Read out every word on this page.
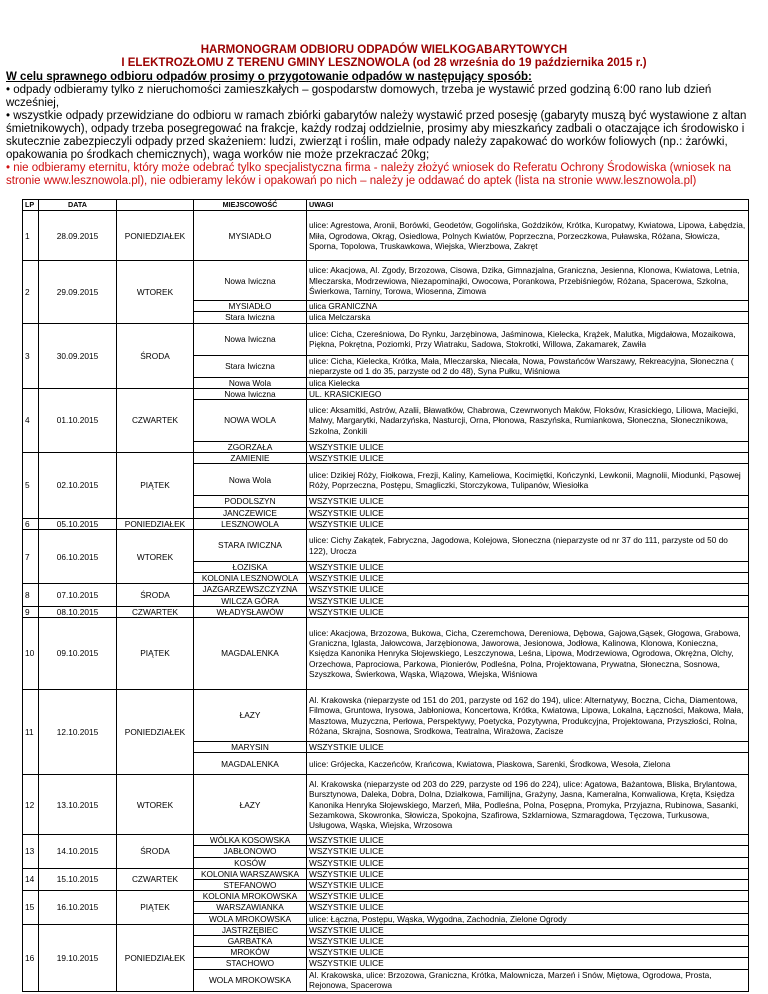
HARMONOGRAM ODBIORU ODPADÓW WIELKOGABARYTOWYCH
I ELEKTROZŁOMU Z TERENU GMINY LESZNOWOLA (od 28 września do 19 października 2015 r.)
W celu sprawnego odbioru odpadów prosimy o przygotowanie odpadów w następujący sposób:
• odpady odbieramy tylko z nieruchomości zamieszkałych – gospodarstw domowych, trzeba je wystawić przed godziną 6:00 rano lub dzień wcześniej,
• wszystkie odpady przewidziane do odbioru w ramach zbiórki gabarytów należy wystawić przed posesję (gabaryty muszą być wystawione z altan śmietnikowych), odpady trzeba posegregować na frakcje, każdy rodzaj oddzielnie, prosimy aby mieszkańcy zadbali o otaczające ich środowisko i skutecznie zabezpieczyli odpady przed skażeniem: ludzi, zwierząt i roślin, małe odpady należy zapakować do worków foliowych (np.: żarówki, opakowania po środkach chemicznych), waga worków nie może przekraczać 20kg;
• nie odbieramy eternitu, który może odebrać tylko specjalistyczna firma - należy złożyć wniosek do Referatu Ochrony Środowiska (wniosek na stronie www.lesznowola.pl), nie odbieramy leków i opakowań po nich – należy je oddawać do aptek (lista na stronie www.lesznowola.pl)
LP	DATA		MIEJSCOWOŚĆ	UWAGI
1	28.09.2015	PONIEDZIAŁEK	MYSIADŁO	ulice: Agrestowa, Aronii, Borówki, Geodetów, Gogolińska, Goździków, Krótka, Kuropatwy, Kwiatowa, Lipowa, Łabędzia, Miła, Ogrodowa, Okrąg, Osiedlowa, Polnych Kwiatów, Poprzeczna, Porzeczkowa, Puławska, Różana, Słowicza, Sporna, Topolowa, Truskawkowa, Wiejska, Wierzbowa, Zakręt
2	29.09.2015	WTOREK	Nowa Iwiczna	ulice: Akacjowa, Al. Zgody, Brzozowa, Cisowa, Dzika, Gimnazjalna, Graniczna, Jesienna, Klonowa, Kwiatowa, Letnia, Mleczarska, Modrzewiowa, Niezapominajki, Owocowa, Porankowa, Przebiśniegów, Różana, Spacerowa, Szkolna, Świerkowa, Tarniny, Torowa, Wiosenna, Zimowa
			MYSIADŁO	ulica GRANICZNA
			Stara Iwiczna	ulica Melczarska
3	30.09.2015	ŚRODA	Nowa Iwiczna	ulice: Cicha, Czereśniowa, Do Rynku, Jarzębinowa, Jaśminowa, Kielecka, Krążek, Malutka, Migdałowa, Mozaikowa, Piękna, Pokrętna, Poziomki, Przy Wiatraku, Sadowa, Stokrotki, Willowa, Zakamarek, Zawiła
			Stara Iwiczna	ulice: Cicha, Kielecka, Krótka, Mała, Mleczarska, Niecała, Nowa, Powstańców Warszawy, Rekreacyjna, Słoneczna ( nieparzyste od 1 do 35, parzyste od 2 do 48), Syna Pułku, Wiśniowa
			Nowa Wola	ulica Kielecka
4	01.10.2015	CZWARTEK	Nowa Iwiczna	UL. KRASICKIEGO
			NOWA WOLA	ulice: Aksamitki, Astrów, Azalii, Bławatków, Chabrowa, Czewrwonych Maków, Floksów, Krasickiego, Liliowa, Maciejki, Malwy, Margarytki, Nadarzyńska, Nasturcji, Orna, Płonowa, Raszyńska, Rumiankowa, Słoneczna, Słonecznikowa, Szkolna, Żonkili
			ZGORZAŁA	WSZYSTKIE ULICE
5	02.10.2015	PIĄTEK	ZAMIENIE	WSZYSTKIE ULICE
			Nowa Wola	ulice: Dzikiej Róży, Fiołkowa, Frezji, Kaliny, Kameliowa, Kocimiętki, Kończynki, Lewkonii, Magnolii, Miodunki, Pąsowej Róży, Poprzeczna, Postępu, Smagliczki, Storczykowa, Tulipanów, Wiesiołka
			PODOLSZYN	WSZYSTKIE ULICE
			JANCZEWICE	WSZYSTKIE ULICE
6	05.10.2015	PONIEDZIAŁEK	LESZNOWOLA	WSZYSTKIE ULICE
7	06.10.2015	WTOREK	STARA IWICZNA	ulice: Cichy Zakątek, Fabryczna, Jagodowa, Kolejowa, Słoneczna (nieparzyste od nr 37 do 111, parzyste od 50 do 122), Urocza
			ŁOZISKA	WSZYSTKIE ULICE
			KOLONIA LESZNOWOLA	WSZYSTKIE ULICE
8	07.10.2015	ŚRODA	JAZGARZEWSZCZYZNA	WSZYSTKIE ULICE
			WILCZA GÓRA	WSZYSTKIE ULICE
9	08.10.2015	CZWARTEK	WŁADYSŁAWÓW	WSZYSTKIE ULICE
10	09.10.2015	PIĄTEK	MAGDALENKA	ulice: Akacjowa, Brzozowa, Bukowa, Cicha, Czeremchowa, Dereniowa, Dębowa, Gajowa,Gąsek, Głogowa, Grabowa, Graniczna, Iglasta, Jałowcowa, Jarzębionowa, Jaworowa, Jesionowa, Jodłowa, Kalinowa, Klonowa, Konieczna, Księdza Kanonika Henryka Słojewskiego, Leszczynowa, Leśna, Lipowa, Modrzewiowa, Ogrodowa, Okrężna, Olchy, Orzechowa, Paprociowa, Parkowa, Pionierów, Podleśna, Polna, Projektowana, Prywatna, Słoneczna, Sosnowa, Szyszkowa, Świerkowa, Wąska, Wiązowa, Wiejska, Wiśniowa
11	12.10.2015	PONIEDZIAŁEK	ŁAZY	Al. Krakowska (nieparzyste od 151 do 201, parzyste od 162 do 194), ulice: Alternatywy, Boczna, Cicha, Diamentowa, Filmowa, Gruntowa, Irysowa, Jabłoniowa, Koncertowa, Krótka, Kwiatowa, Lipowa, Lokalna, Łączności, Makowa, Mała, Masztowa, Muzyczna, Perłowa, Perspektywy, Poetycka, Pozytywna, Produkcyjna, Projektowana, Przyszłości, Rolna, Różana, Skrajna, Sosnowa, Srodkowa, Teatralna, Wirażowa, Zacisze
			MARYSIN	WSZYSTKIE ULICE
			MAGDALENKA	ulice: Grójecka, Kaczeńców, Krańcowa, Kwiatowa, Piaskowa, Sarenki, Środkowa, Wesoła, Zielona
12	13.10.2015	WTOREK	ŁAZY	Al. Krakowska (nieparzyste od 203 do 229, parzyste od 196 do 224), ulice: Agatowa, Bażantowa, Bliska, Brylantowa, Bursztynowa, Daleka, Dobra, Dolna, Działkowa, Familijna, Grażyny, Jasna, Kameralna, Konwaliowa, Kręta, Księdza Kanonika Henryka Słojewskiego, Marzeń, Miła, Podleśna, Polna, Posępna, Promyka, Przyjazna, Rubinowa, Sasanki, Sezamkowa, Skowronka, Słowicza, Spokojna, Szafirowa, Szklarniowa, Szmaragdowa, Tęczowa, Turkusowa, Usługowa, Wąska, Wiejska, Wrzosowa
13	14.10.2015	ŚRODA	WÓLKA KOSOWSKA	WSZYSTKIE ULICE
			JABŁONOWO	WSZYSTKIE ULICE
			KOSÓW	WSZYSTKIE ULICE
14	15.10.2015	CZWARTEK	KOLONIA WARSZAWSKA	WSZYSTKIE ULICE
			STEFANOWO	WSZYSTKIE ULICE
15	16.10.2015	PIĄTEK	KOLONIA MROKOWSKA	WSZYSTKIE ULICE
			WARSZAWIANKA	WSZYSTKIE ULICE
			WOLA MROKOWSKA	ulice: Łączna, Postępu, Wąska, Wygodna, Zachodnia, Zielone Ogrody
16	19.10.2015	PONIEDZIAŁEK	JASTRZĘBIEC	WSZYSTKIE ULICE
			GARBATKA	WSZYSTKIE ULICE
			MROKÓW	WSZYSTKIE ULICE
			STACHOWO	WSZYSTKIE ULICE
			WOLA MROKOWSKA	Al. Krakowska, ulice: Brzozowa, Graniczna, Krótka, Malownicza, Marzeń i Snów, Miętowa, Ogrodowa, Prosta, Rejonowa, Spacerowa
